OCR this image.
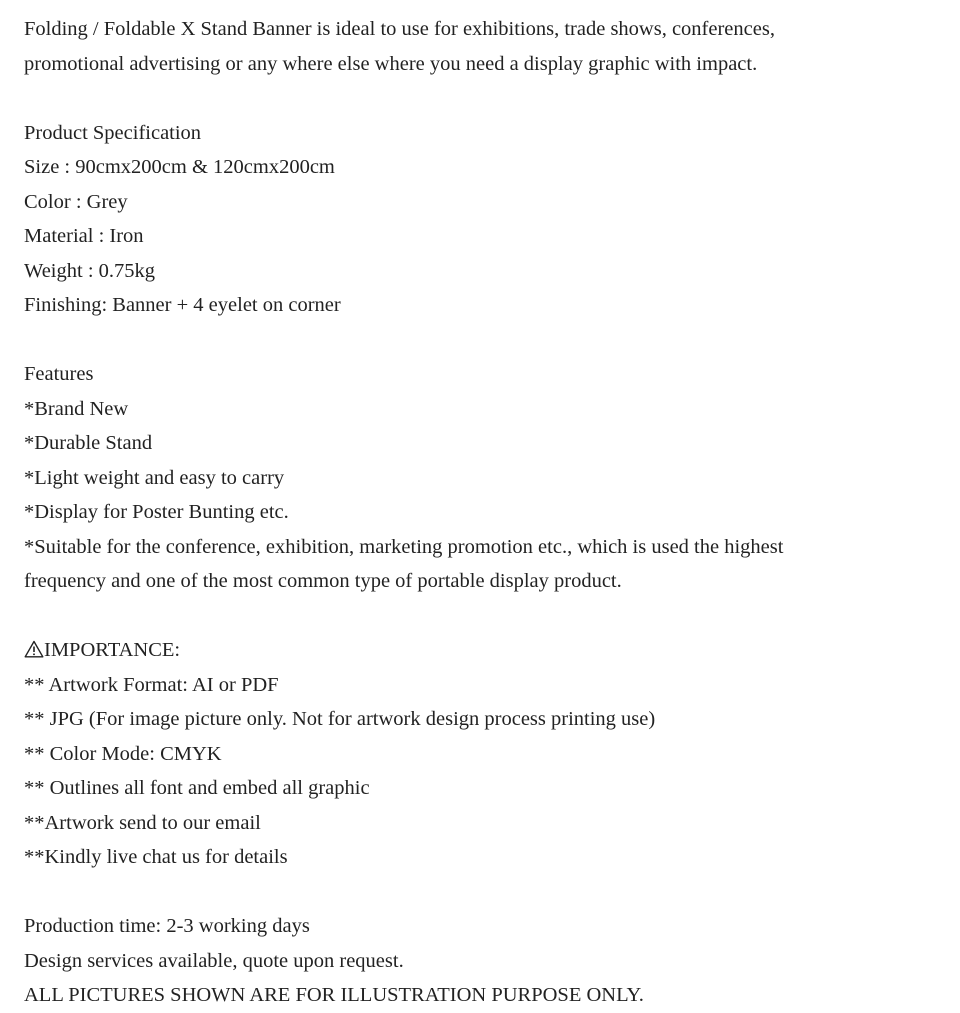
Folding / Foldable X Stand Banner is ideal to use for exhibitions, trade shows, conferences,
promotional advertising or any where else where you need a display graphic with impact.
Product Specification
Size : 90cmx200cm & 120cmx200cm
Color : Grey
Material : Iron
Weight : 0.75kg
Finishing: Banner + 4 eyelet on corner
Features
*Brand New
*Durable Stand
*Light weight and easy to carry
*Display for Poster Bunting etc.
*Suitable for the conference, exhibition, marketing promotion etc., which is used the highest
frequency and one of the most common type of portable display product.
IMPORTANCE:
** Artwork Format: AI or PDF
** JPG (For image picture only. Not for artwork design process printing use)
** Color Mode: CMYK
** Outlines all font and embed all graphic
**Artwork send to our email
**Kindly live chat us for details
Production time: 2-3 working days
Design services available, quote upon request.
ALL PICTURES SHOWN ARE FOR ILLUSTRATION PURPOSE ONLY.
